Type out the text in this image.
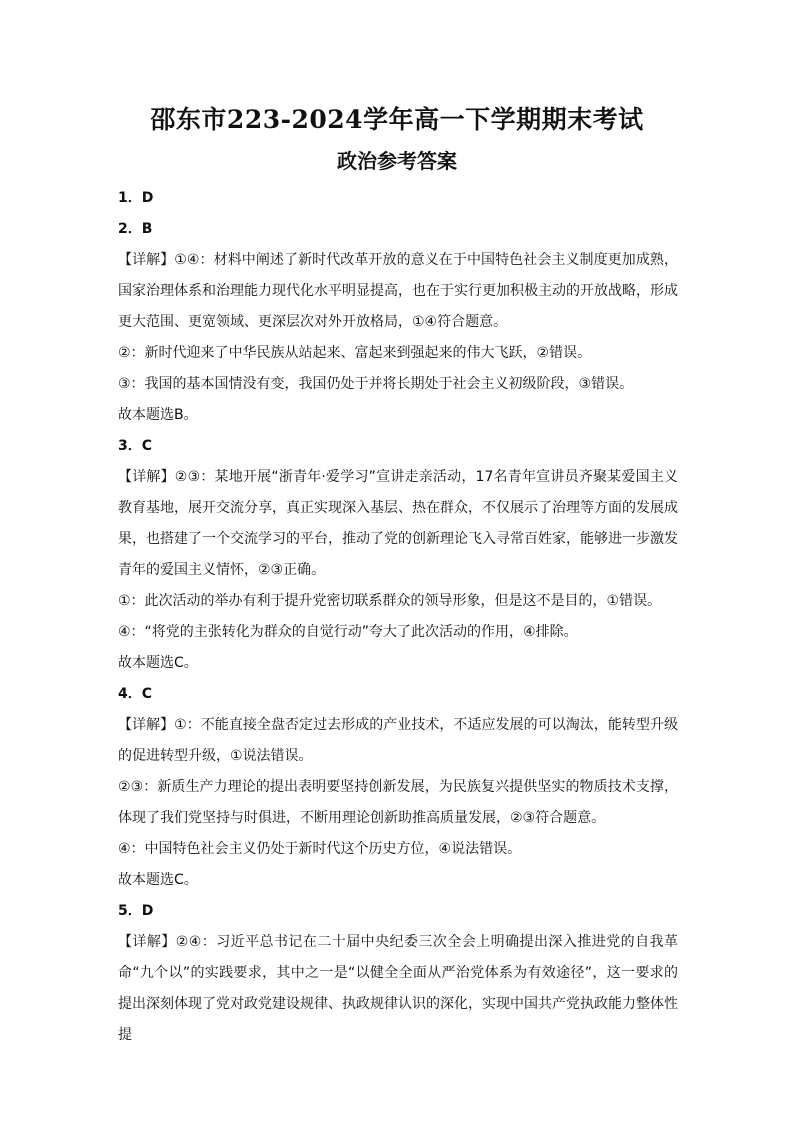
邵东市223-2024学年高一下学期期末考试
政治参考答案

1．D

2．B

【详解】①④：材料中阐述了新时代改革开放的意义在于中国特色社会主义制度更加成熟，国家治理体系和治理能力现代化水平明显提高，也在于实行更加积极主动的开放战略，形成更大范围、更宽领域、更深层次对外开放格局，①④符合题意。

②：新时代迎来了中华民族从站起来、富起来到强起来的伟大飞跃，②错误。

③：我国的基本国情没有变，我国仍处于并将长期处于社会主义初级阶段，③错误。

故本题选B。

3．C

【详解】②③：某地开展“浙青年·爱学习”宣讲走亲活动，17名青年宣讲员齐聚某爱国主义教育基地，展开交流分享，真正实现深入基层、热在群众，不仅展示了治理等方面的发展成果，也搭建了一个交流学习的平台，推动了党的创新理论飞入寻常百姓家，能够进一步激发青年的爱国主义情怀，②③正确。

①：此次活动的举办有利于提升党密切联系群众的领导形象，但是这不是目的，①错误。

④：“将党的主张转化为群众的自觉行动”夸大了此次活动的作用，④排除。

故本题选C。

4．C

【详解】①：不能直接全盘否定过去形成的产业技术，不适应发展的可以淘汰，能转型升级的促进转型升级，①说法错误。

②③：新质生产力理论的提出表明要坚持创新发展，为民族复兴提供坚实的物质技术支撑，体现了我们党坚持与时俱进，不断用理论创新助推高质量发展，②③符合题意。

④：中国特色社会主义仍处于新时代这个历史方位，④说法错误。

故本题选C。

5．D

【详解】②④：习近平总书记在二十届中央纪委三次全会上明确提出深入推进党的自我革命“九个以”的实践要求，其中之一是“以健全全面从严治党体系为有效途径”，这一要求的提出深刻体现了党对政党建设规律、执政规律认识的深化，实现中国共产党执政能力整体性提
